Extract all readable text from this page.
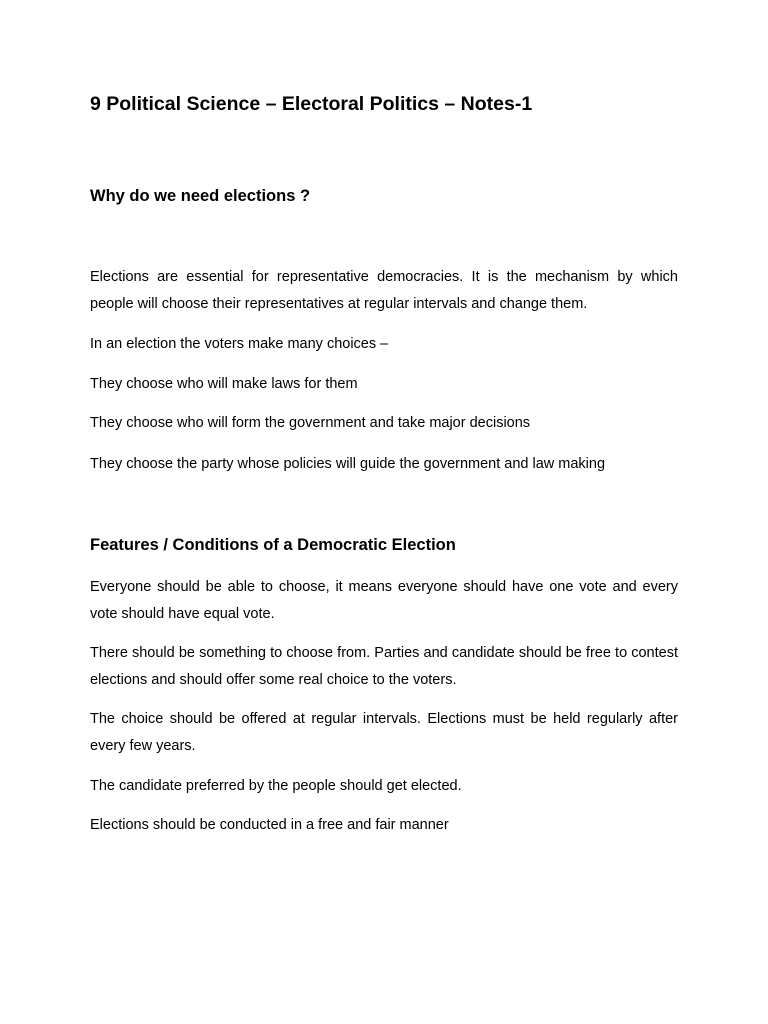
9 Political Science – Electoral Politics – Notes-1
Why do we need elections ?

Elections are essential for representative democracies. It is the mechanism by which people will choose their representatives at regular intervals and change them.

In an election the voters make many choices –

They choose who will make laws for them

They choose who will form the government and take major decisions

They choose the party whose policies will guide the government and law making

Features / Conditions of a Democratic Election

Everyone should be able to choose, it means everyone should have one vote and every vote should have equal vote.

There should be something to choose from. Parties and candidate should be free to contest elections and should offer some real choice to the voters.

The choice should be offered at regular intervals. Elections must be held regularly after every few years.

The candidate preferred by the people should get elected.

Elections should be conducted in a free and fair manner
